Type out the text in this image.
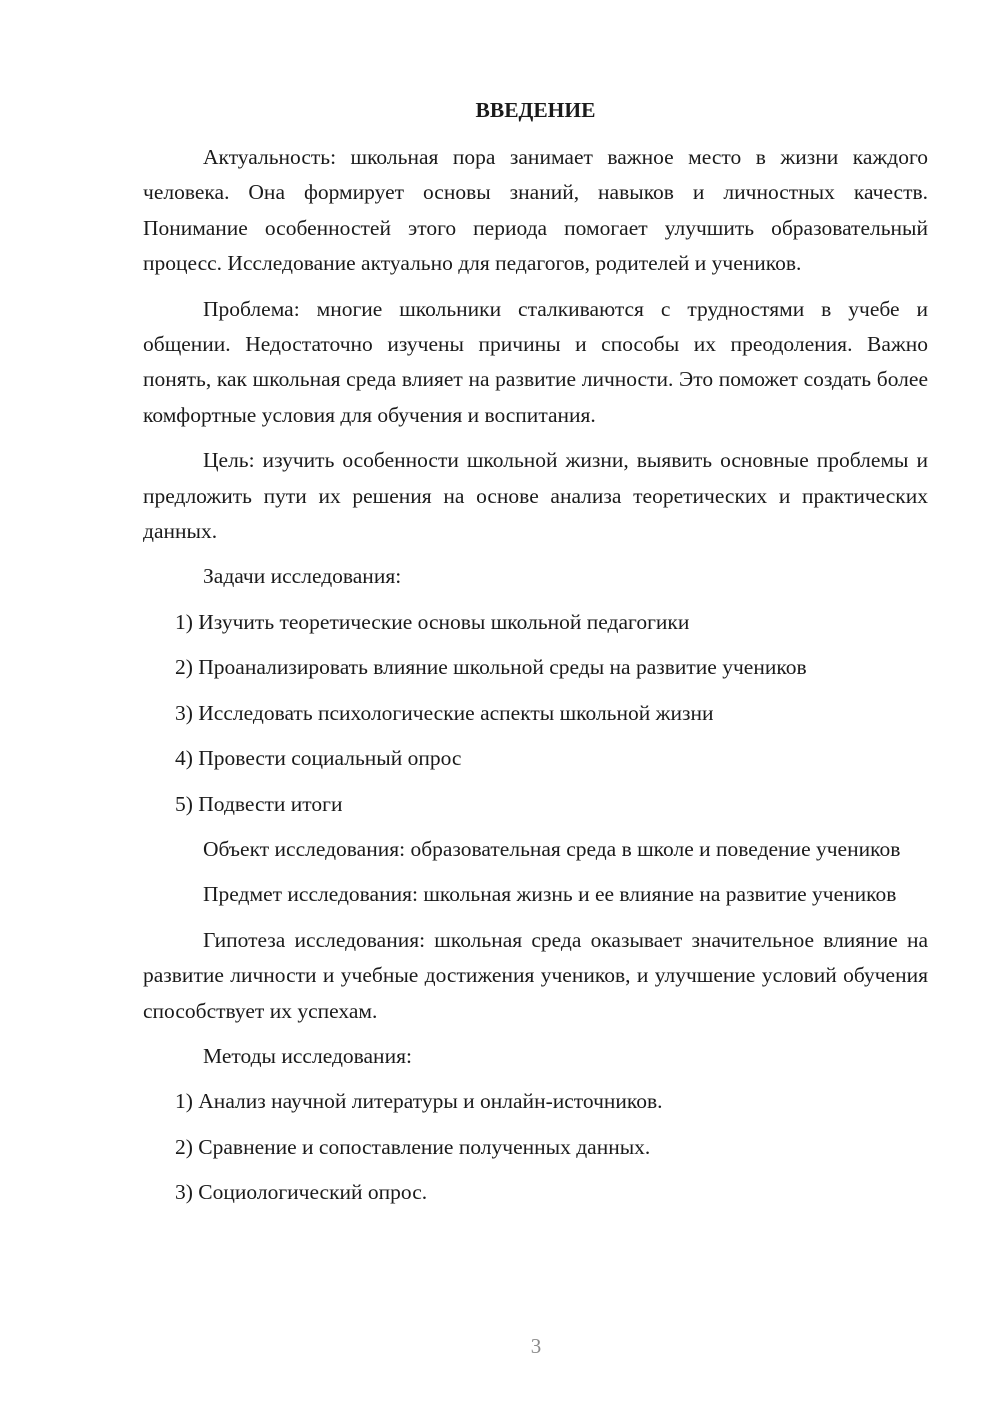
ВВЕДЕНИЕ

Актуальность: школьная пора занимает важное место в жизни каждого человека. Она формирует основы знаний, навыков и личностных качеств. Понимание особенностей этого периода помогает улучшить образовательный процесс. Исследование актуально для педагогов, родителей и учеников.

Проблема: многие школьники сталкиваются с трудностями в учебе и общении. Недостаточно изучены причины и способы их преодоления. Важно понять, как школьная среда влияет на развитие личности. Это поможет создать более комфортные условия для обучения и воспитания.

Цель: изучить особенности школьной жизни, выявить основные проблемы и предложить пути их решения на основе анализа теоретических и практических данных.

Задачи исследования:

1) Изучить теоретические основы школьной педагогики

2) Проанализировать влияние школьной среды на развитие учеников

3) Исследовать психологические аспекты школьной жизни

4) Провести социальный опрос

5) Подвести итоги

Объект исследования: образовательная среда в школе и поведение учеников

Предмет исследования: школьная жизнь и ее влияние на развитие учеников

Гипотеза исследования: школьная среда оказывает значительное влияние на развитие личности и учебные достижения учеников, и улучшение условий обучения способствует их успехам.

Методы исследования:

1) Анализ научной литературы и онлайн-источников.

2) Сравнение и сопоставление полученных данных.

3) Социологический опрос.

3
